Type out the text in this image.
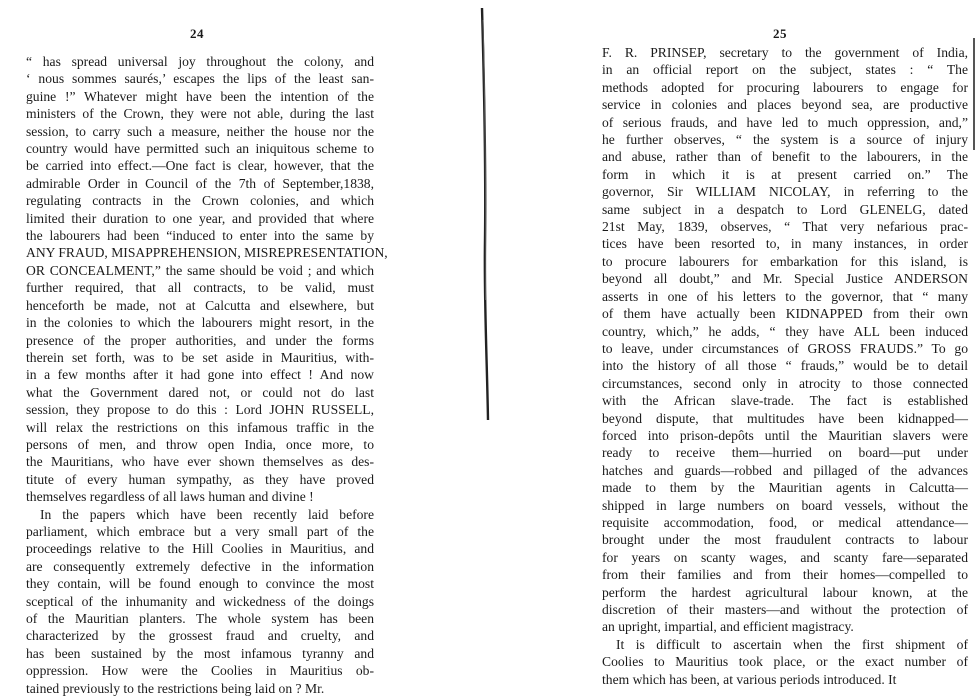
24
“ has spread universal joy throughout the colony, and
‘ nous sommes saurés,’ escapes the lips of the least san-
guine !” Whatever might have been the intention of the
ministers of the Crown, they were not able, during the last
session, to carry such a measure, neither the house nor the
country would have permitted such an iniquitous scheme to
be carried into effect.—One fact is clear, however, that the
admirable Order in Council of the 7th of September,1838,
regulating contracts in the Crown colonies, and which
limited their duration to one year, and provided that where
the labourers had been “induced to enter into the same by
ANY FRAUD, MISAPPREHENSION, MISREPRESENTATION,
OR CONCEALMENT,” the same should be void ; and which
further required, that all contracts, to be valid, must
henceforth be made, not at Calcutta and elsewhere, but
in the colonies to which the labourers might resort, in the
presence of the proper authorities, and under the forms
therein set forth, was to be set aside in Mauritius, with-
in a few months after it had gone into effect ! And now
what the Government dared not, or could not do last
session, they propose to do this : Lord JOHN RUSSELL,
will relax the restrictions on this infamous traffic in the
persons of men, and throw open India, once more, to
the Mauritians, who have ever shown themselves as des-
titute of every human sympathy, as they have proved
themselves regardless of all laws human and divine !
In the papers which have been recently laid before
parliament, which embrace but a very small part of the
proceedings relative to the Hill Coolies in Mauritius, and
are consequently extremely defective in the information
they contain, will be found enough to convince the most
sceptical of the inhumanity and wickedness of the doings
of the Mauritian planters. The whole system has been
characterized by the grossest fraud and cruelty, and
has been sustained by the most infamous tyranny and
oppression. How were the Coolies in Mauritius ob-
tained previously to the restrictions being laid on ? Mr.
25
F. R. PRINSEP, secretary to the government of India,
in an official report on the subject, states : “ The
methods adopted for procuring labourers to engage for
service in colonies and places beyond sea, are productive
of serious frauds, and have led to much oppression, and,”
he further observes, “ the system is a source of injury
and abuse, rather than of benefit to the labourers, in the
form in which it is at present carried on.” The
governor, Sir WILLIAM NICOLAY, in referring to the
same subject in a despatch to Lord GLENELG, dated
21st May, 1839, observes, “ That very nefarious prac-
tices have been resorted to, in many instances, in order
to procure labourers for embarkation for this island, is
beyond all doubt,” and Mr. Special Justice ANDERSON
asserts in one of his letters to the governor, that “ many
of them have actually been KIDNAPPED from their own
country, which,” he adds, “ they have ALL been induced
to leave, under circumstances of GROSS FRAUDS.” To go
into the history of all those “ frauds,” would be to detail
circumstances, second only in atrocity to those connected
with the African slave-trade. The fact is established
beyond dispute, that multitudes have been kidnapped—
forced into prison-depôts until the Mauritian slavers were
ready to receive them—hurried on board—put under
hatches and guards—robbed and pillaged of the advances
made to them by the Mauritian agents in Calcutta—
shipped in large numbers on board vessels, without the
requisite accommodation, food, or medical attendance—
brought under the most fraudulent contracts to labour
for years on scanty wages, and scanty fare—separated
from their families and from their homes—compelled to
perform the hardest agricultural labour known, at the
discretion of their masters—and without the protection of
an upright, impartial, and efficient magistracy.
It is difficult to ascertain when the first shipment of
Coolies to Mauritius took place, or the exact number of
them which has been, at various periods introduced. It
